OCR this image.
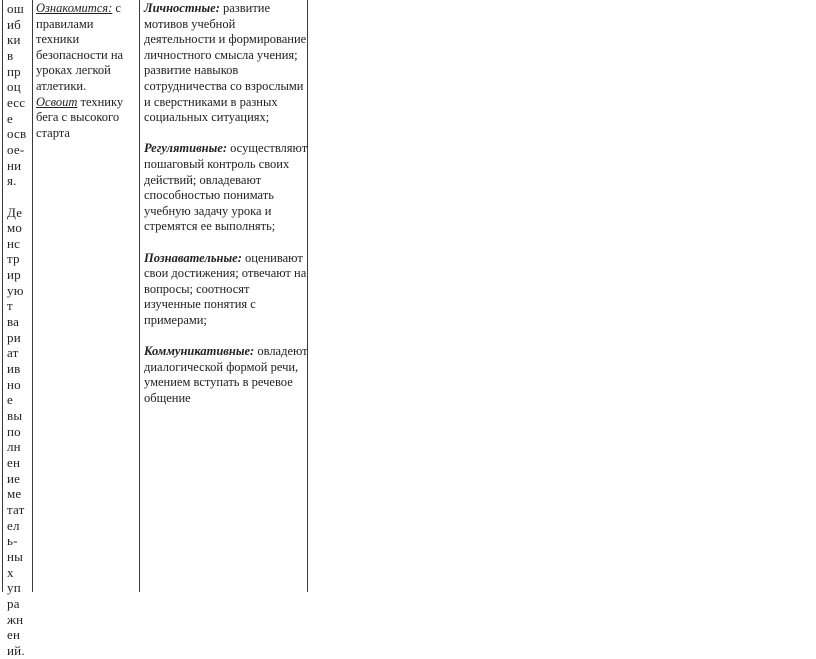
ош
иб
ки
в
пр
оц
есс
е
осв
ое-
ни
я.
Де
мо
нс
тр
ир
ую
т
ва
ри
ат
ив
но
е
вы
по
лн
ен
ие
ме
тат
ел
ь-
ны
х
уп
ра
жн
ен
ий.
Ознакомится: с
правилами
техники
безопасности на
уроках легкой
атлетики.
Освоит технику
бега с высокого
старта
Личностные: развитие
мотивов учебной
деятельности и формирование
личностного смысла учения;
развитие навыков
сотрудничества со взрослыми
и сверстниками в разных
социальных ситуациях;
Регулятивные: осуществляют
пошаговый контроль своих
действий; овладевают
способностью понимать
учебную задачу урока и
стремятся ее выполнять;
Познавательные: оценивают
свои достижения; отвечают на
вопросы; соотносят
изученные понятия с
примерами;
Коммуникативные: овладеют
диалогической формой речи,
умением вступать в речевое
общение
